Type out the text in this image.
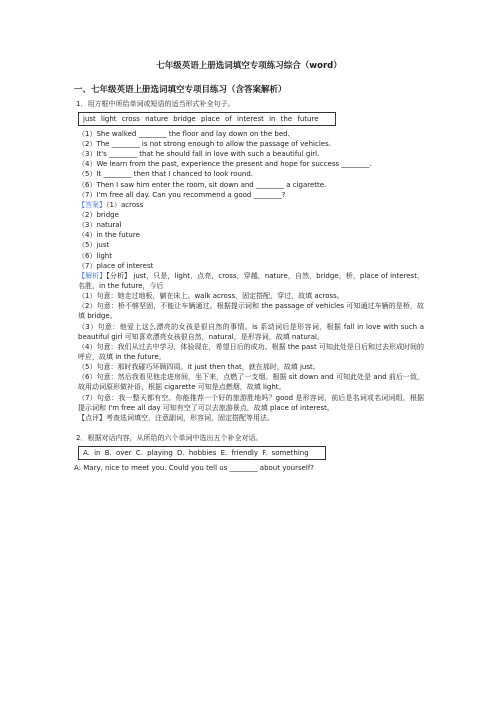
七年级英语上册选词填空专项练习综合（word）
一、七年级英语上册选词填空专项目练习（含答案解析）

1．用方框中所给单词或短语的适当形式补全句子。

just light cross nature bridge place of interest in the future

（1）She walked ________ the floor and lay down on the bed.

（2）The ________ is not strong enough to allow the passage of vehicles.

（3）It's ________ that he should fall in love with such a beautiful girl.

（4）We learn from the past, experience the present and hope for success ________.

（5）It ________ then that I chanced to look round.

（6）Then I saw him enter the room, sit down and ________ a cigarette.

（7）I'm free all day. Can you recommend a good ________?

【答案】（1）across

（2）bridge

（3）natural

（4）in the future

（5）just

（6）light

（7）place of interest

【解析】【分析】 just，只是，light，点亮，cross，穿越，nature，自然，bridge，桥，place of interest，名胜，in the future，今后

（1）句意：她走过地板，躺在床上。walk across，固定搭配，穿过，故填 across。

（2）句意：桥不够坚固，不能让车辆通过。根据提示词和 the passage of vehicles 可知通过车辆的是桥，故填 bridge。

（3）句意：他爱上这么漂亮的女孩是很自然的事情。is 系动词后是形容词，根据 fall in love with such a beautiful girl 可知喜欢漂亮女孩很自然，natural，是形容词，故填 natural。

（4）句意：我们从过去中学习，体验现在，希望日后的成功。根据 the past 可知此处是日后和过去形成时间的呼应，故填 in the future。

（5）句意：那时我碰巧环顾四周。it just then that，就在那时，故填 just。

（6）句意：然后我看见他走进房间，坐下来，点燃了一支烟。根据 sit down and 可知此处是 and 前后一致，故用动词原形做补语，根据 cigarette 可知是点燃烟，故填 light。

（7）句意：我一整天都有空。你能推荐一个好的旅游胜地吗？good 是形容词，前后是名词或名词词组，根据提示词和 I'm free all day 可知有空了可以去旅游景点，故填 place of interest。

【点评】考查选词填空，注意副词，形容词，固定搭配等用法。

2．根据对话内容，从所给的六个单词中选出五个补全对话。

A. in B. over C. playing D. hobbies E. friendly F. something

A: Mary, nice to meet you. Could you tell us ________ about yourself?
